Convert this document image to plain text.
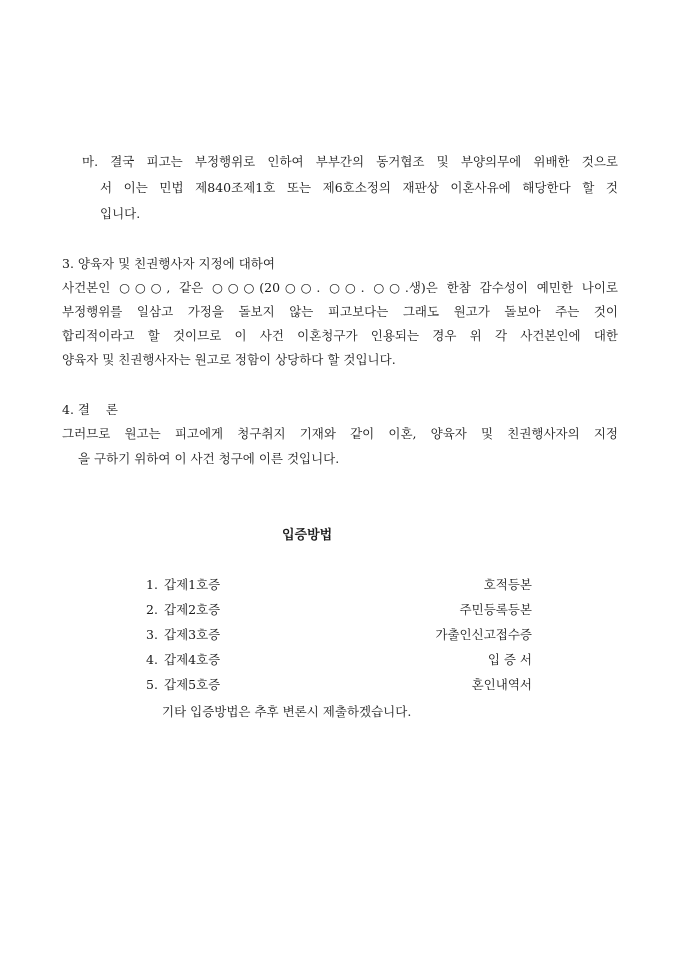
마. 결국 피고는 부정행위로 인하여 부부간의 동거협조 및 부양의무에 위배한 것으로
서 이는 민법 제840조제1호 또는 제6호소정의 재판상 이혼사유에 해당한다 할 것
입니다.
3. 양육자 및 친권행사자 지정에 대하여
사건본인 ○○○, 같은 ○○○(20○○. ○○. ○○.생)은 한참 감수성이 예민한 나이로
부정행위를 일삼고 가정을 돌보지 않는 피고보다는 그래도 원고가 돌보아 주는 것이
합리적이라고 할 것이므로 이 사건 이혼청구가 인용되는 경우 위 각 사건본인에 대한
양육자 및 친권행사자는 원고로 정함이 상당하다 할 것입니다.
4. 결    론
그러므로 원고는 피고에게 청구취지 기재와 같이 이혼, 양육자 및 친권행사자의 지정
을 구하기 위하여 이 사건 청구에 이른 것입니다.
입증방법
1. 갑제1호증	호적등본
2. 갑제2호증	주민등록등본
3. 갑제3호증	가출인신고접수증
4. 갑제4호증	입 증 서
5. 갑제5호증	혼인내역서
기타 입증방법은 추후 변론시 제출하겠습니다.
